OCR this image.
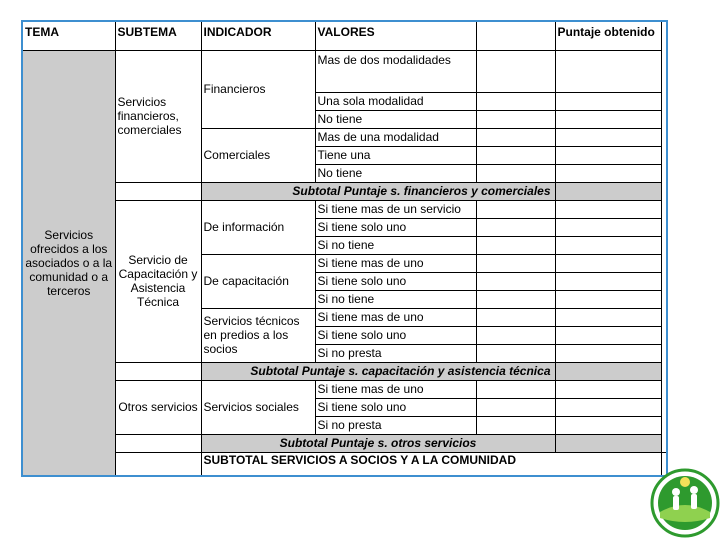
TEMA	SUBTEMA	INDICADOR	VALORES		Puntaje obtenido	
Servicios ofrecidos a los asociados o a la comunidad o a terceros	Servicios financieros, comerciales	Financieros	Mas de dos modalidades			
			Una sola modalidad			
			No tiene			
		Comerciales	Mas de una modalidad			
			Tiene una			
			No tiene			
		Subtotal Puntaje s. financieros y comerciales				
	Servicio de Capacitación y Asistencia Técnica	De información	Si tiene mas de un servicio			
			Si tiene solo uno			
			Si no tiene			
		De capacitación	Si tiene mas de uno			
			Si tiene solo uno			
			Si no tiene			
		Servicios técnicos en predios a los socios	Si tiene mas de uno			
			Si tiene solo uno			
			Si no presta			
		Subtotal Puntaje s. capacitación y asistencia técnica				
	Otros servicios	Servicios sociales	Si tiene mas de uno			
			Si tiene solo uno			
			Si no presta			
		Subtotal Puntaje s. otros servicios				
		SUBTOTAL SERVICIOS A SOCIOS Y A LA COMUNIDAD				
